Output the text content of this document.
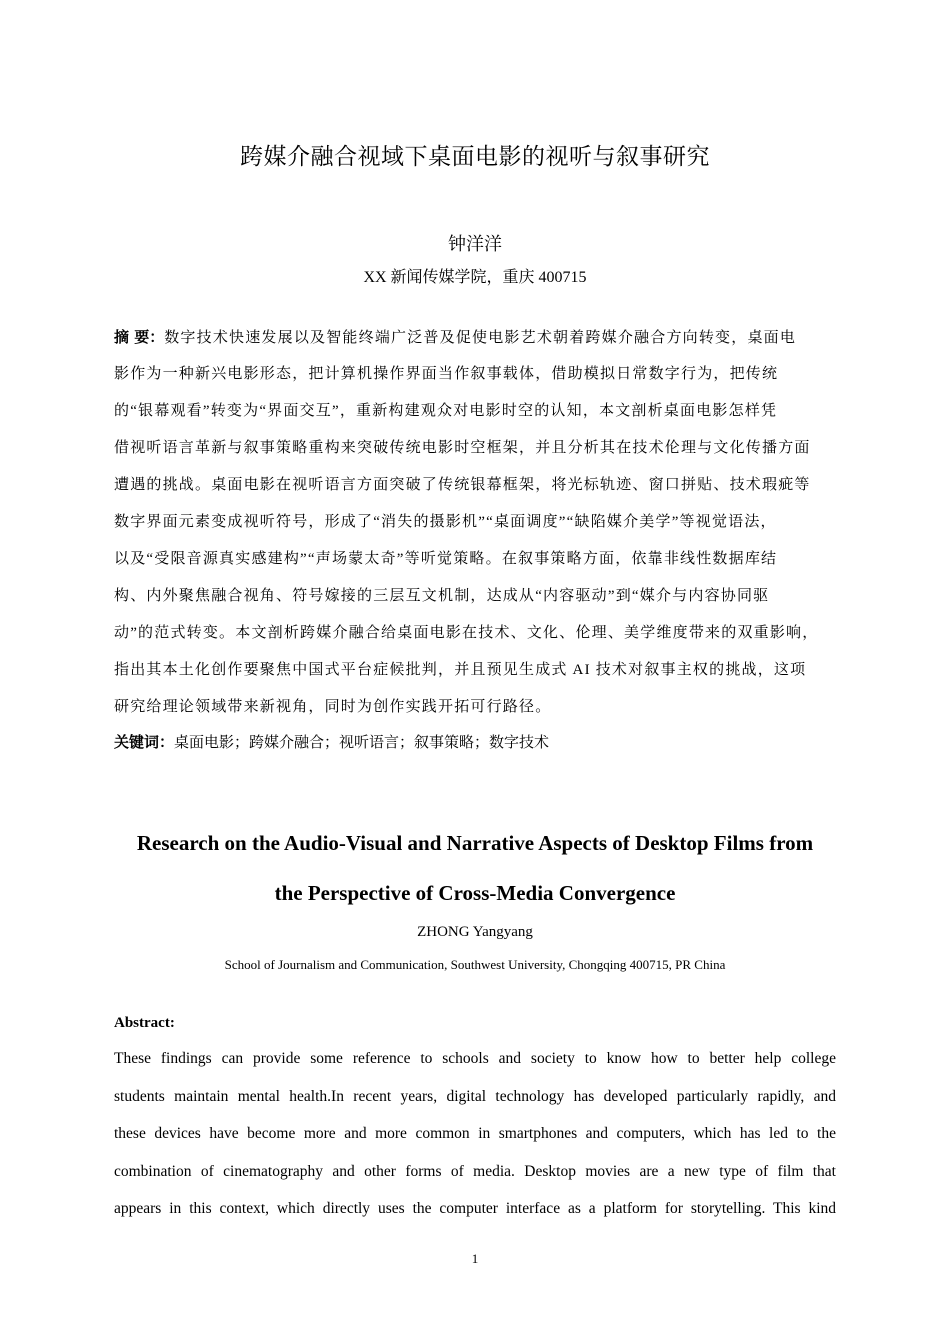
跨媒介融合视域下桌面电影的视听与叙事研究
钟洋洋
XX 新闻传媒学院，重庆 400715
摘 要：数字技术快速发展以及智能终端广泛普及促使电影艺术朝着跨媒介融合方向转变，桌面电
影作为一种新兴电影形态，把计算机操作界面当作叙事载体，借助模拟日常数字行为，把传统
的“银幕观看”转变为“界面交互”，重新构建观众对电影时空的认知，本文剖析桌面电影怎样凭
借视听语言革新与叙事策略重构来突破传统电影时空框架，并且分析其在技术伦理与文化传播方面
遭遇的挑战。桌面电影在视听语言方面突破了传统银幕框架，将光标轨迹、窗口拼贴、技术瑕疵等
数字界面元素变成视听符号，形成了“消失的摄影机”“桌面调度”“缺陷媒介美学”等视觉语法，
以及“受限音源真实感建构”“声场蒙太奇”等听觉策略。在叙事策略方面，依靠非线性数据库结
构、内外聚焦融合视角、符号嫁接的三层互文机制，达成从“内容驱动”到“媒介与内容协同驱
动”的范式转变。本文剖析跨媒介融合给桌面电影在技术、文化、伦理、美学维度带来的双重影响，
指出其本土化创作要聚焦中国式平台症候批判，并且预见生成式 AI 技术对叙事主权的挑战，这项
研究给理论领域带来新视角，同时为创作实践开拓可行路径。
关键词：桌面电影；跨媒介融合；视听语言；叙事策略；数字技术
Research on the Audio-Visual and Narrative Aspects of Desktop Films from
the Perspective of Cross-Media Convergence
ZHONG Yangyang
School of Journalism and Communication, Southwest University, Chongqing 400715, PR China
Abstract:
These findings can provide some reference to schools and society to know how to better help college
students maintain mental health.In recent years, digital technology has developed particularly rapidly, and
these devices have become more and more common in smartphones and computers, which has led to the
combination of cinematography and other forms of media. Desktop movies are a new type of film that
appears in this context, which directly uses the computer interface as a platform for storytelling. This kind
1
